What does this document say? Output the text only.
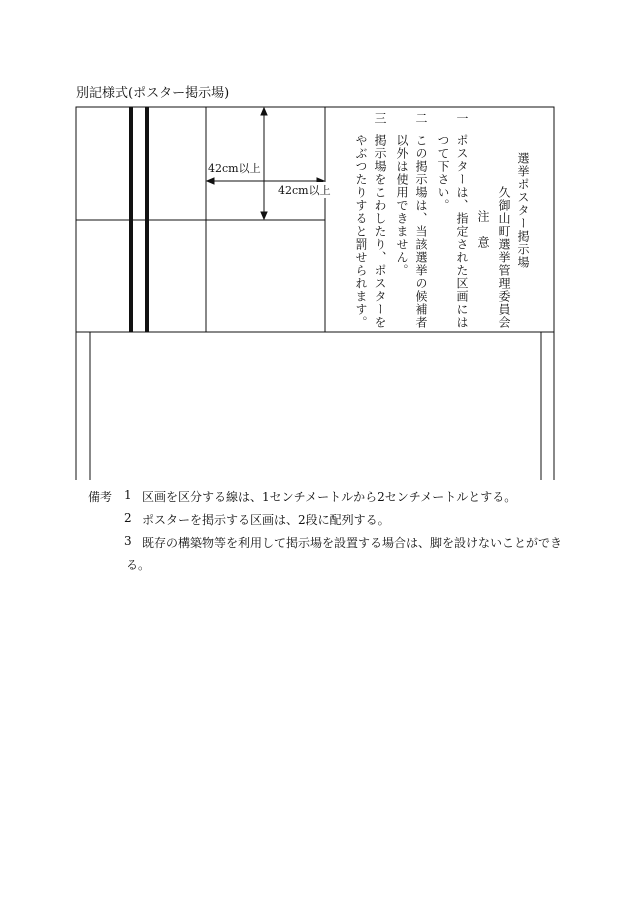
別記様式(ポスター掲示場)
42cm以上
42cm以上	選挙ポスター掲示場
久御山町選挙管理委員会
注　意
一
ポスターは、指定された区画には
つて下さい。
二
この掲示場は、当該選挙の候補者
以外は使用できません。
三
掲示場をこわしたり、ポスターを
やぶつたりすると罰せられます。
備考 1 区画を区分する線は、1センチメートルから2センチメートルとする。
2 ポスターを掲示する区画は、2段に配列する。
3 既存の構築物等を利用して掲示場を設置する場合は、脚を設けないことができ
る。
